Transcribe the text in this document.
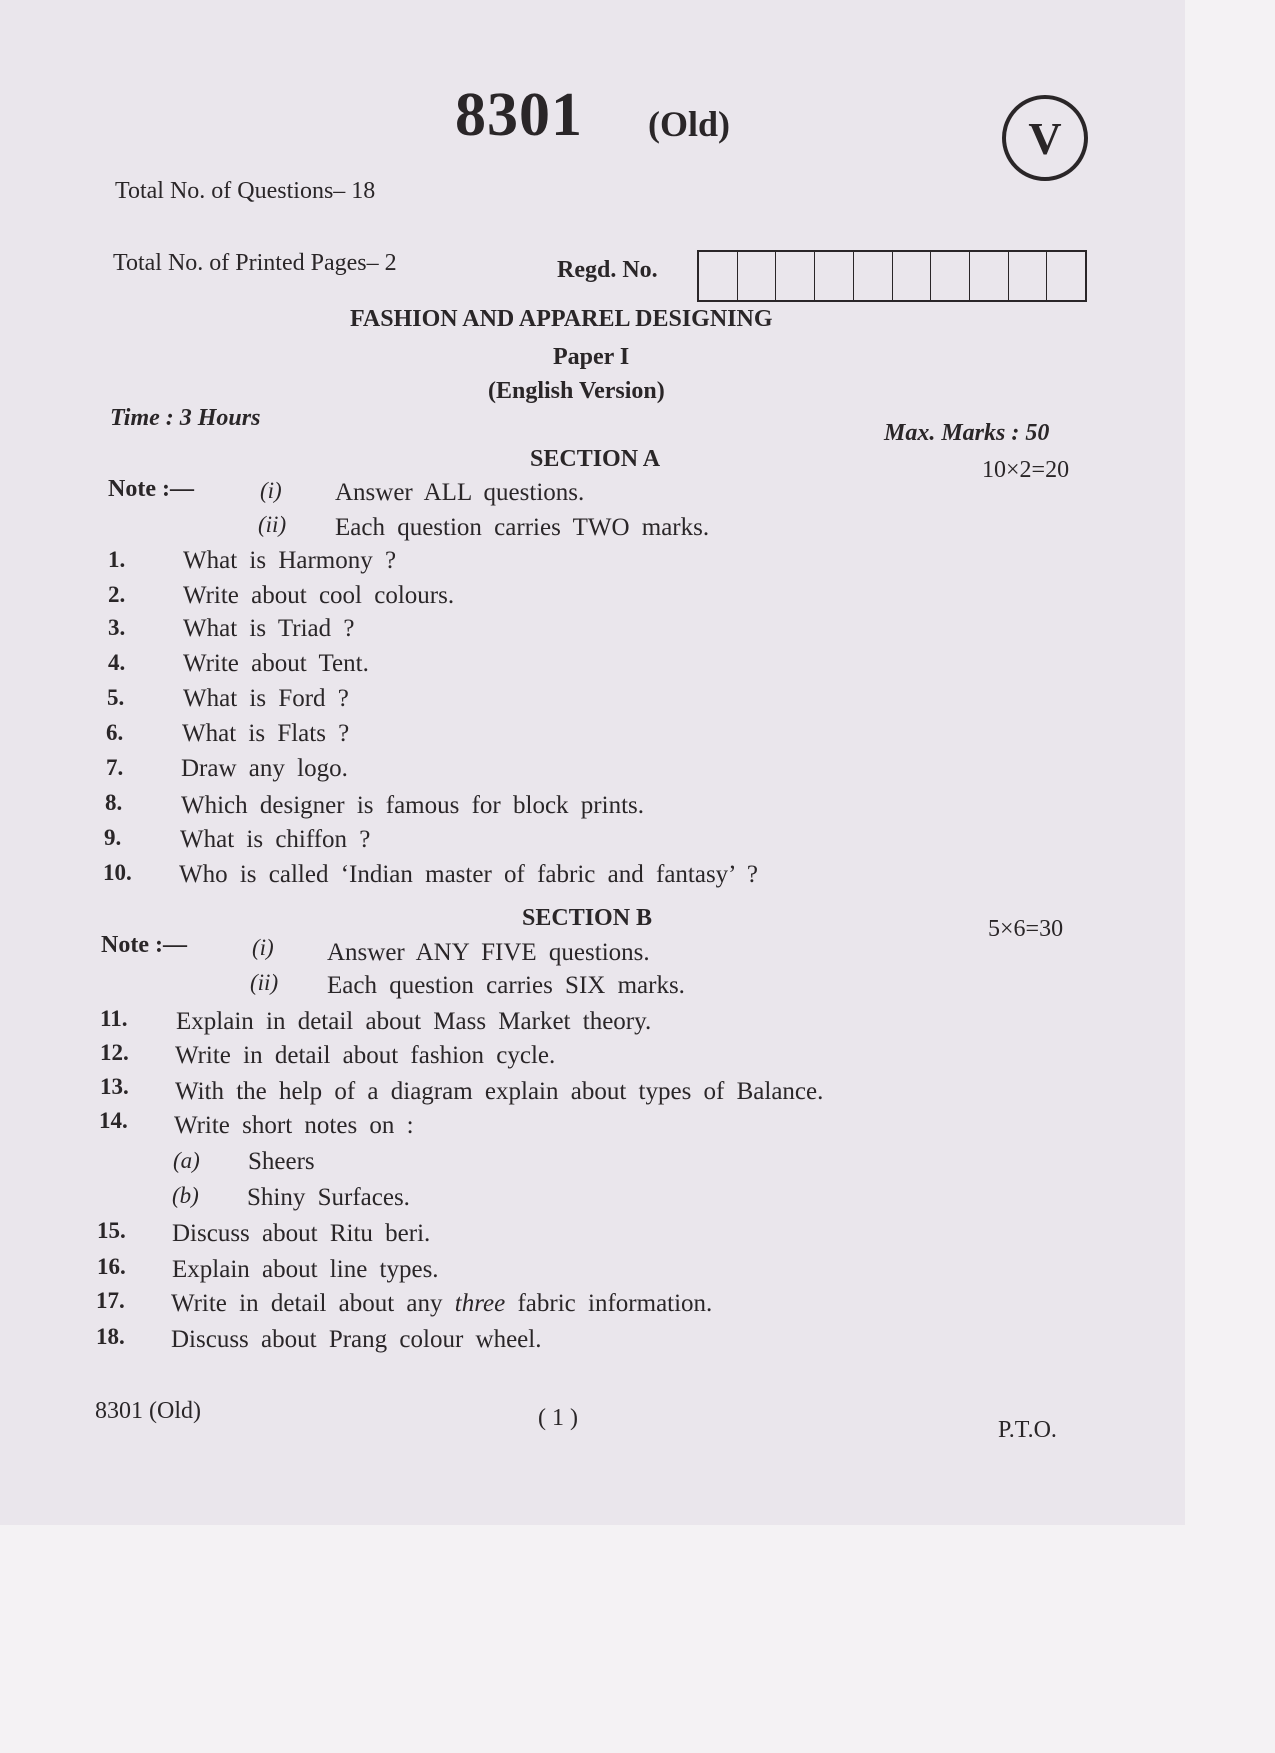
8301 (Old)	V
Total No. of Questions– 18
Total No. of Printed Pages– 2	Regd. No.
FASHION AND APPAREL DESIGNING
Paper I
(English Version)
Time : 3 Hours
Max. Marks : 50
SECTION A	10×2=20
Note :—	(i) Answer ALL questions.
(ii) Each question carries TWO marks.
1. What is Harmony ?
2. Write about cool colours.
3. What is Triad ?
4. Write about Tent.
5. What is Ford ?
6. What is Flats ?
7. Draw any logo.
8. Which designer is famous for block prints.
9. What is chiffon ?
10. Who is called ‘Indian master of fabric and fantasy’ ?
SECTION B	5×6=30
Note :—	(i) Answer ANY FIVE questions.
(ii) Each question carries SIX marks.
11. Explain in detail about Mass Market theory.
12. Write in detail about fashion cycle.
13. With the help of a diagram explain about types of Balance.
14. Write short notes on :
(a) Sheers
(b) Shiny Surfaces.
15. Discuss about Ritu beri.
16. Explain about line types.
17. Write in detail about any three fabric information.
18. Discuss about Prang colour wheel.
8301 (Old)	( 1 )	P.T.O.
